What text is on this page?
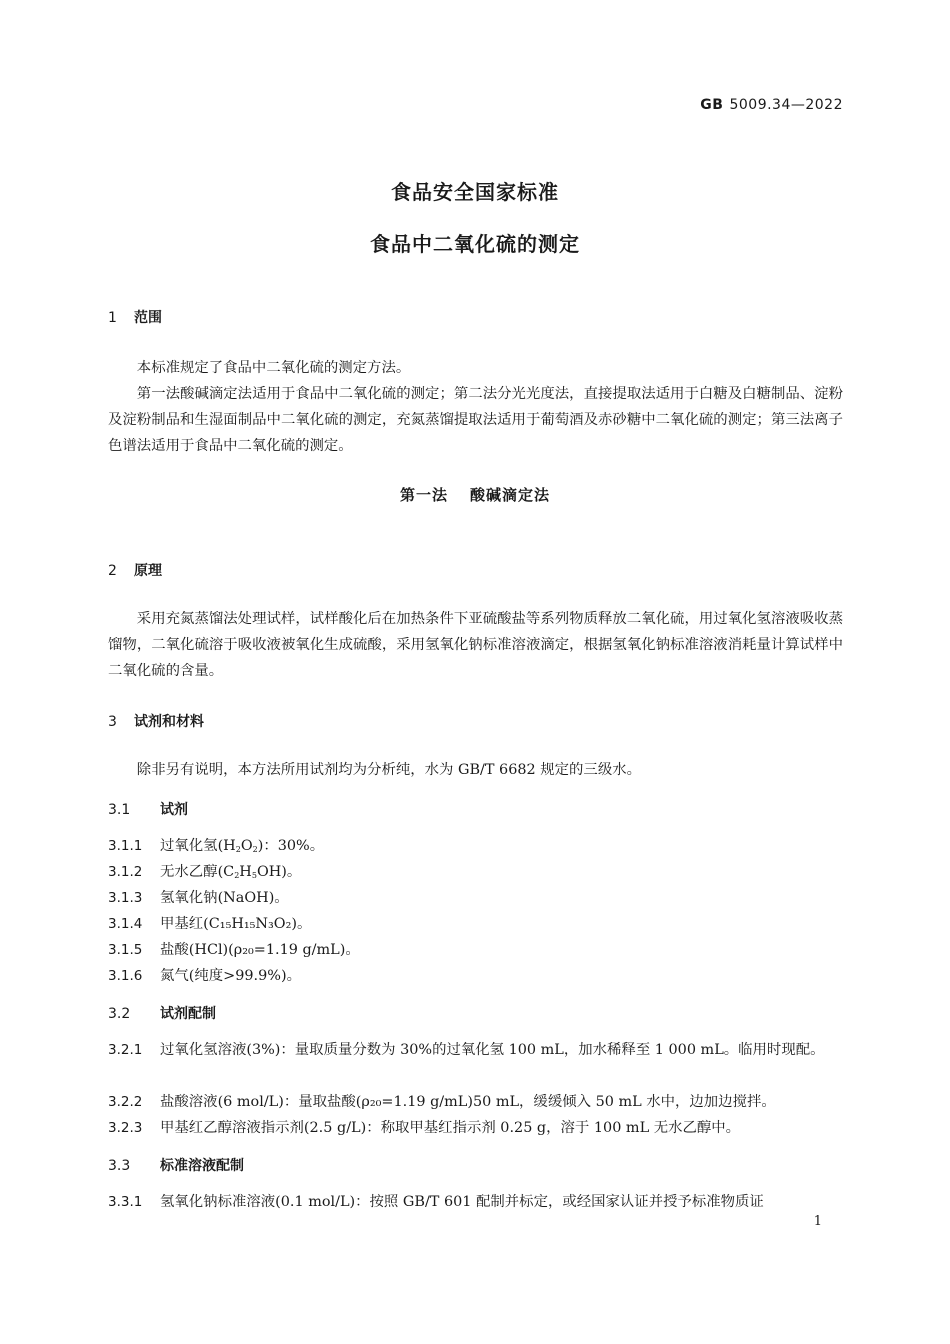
GB 5009.34—2022
食品安全国家标准
食品中二氧化硫的测定
1 范围
本标准规定了食品中二氧化硫的测定方法。
第一法酸碱滴定法适用于食品中二氧化硫的测定；第二法分光光度法，直接提取法适用于白糖及白糖制品、淀粉及淀粉制品和生湿面制品中二氧化硫的测定，充氮蒸馏提取法适用于葡萄酒及赤砂糖中二氧化硫的测定；第三法离子色谱法适用于食品中二氧化硫的测定。
第一法 酸碱滴定法
2 原理
采用充氮蒸馏法处理试样，试样酸化后在加热条件下亚硫酸盐等系列物质释放二氧化硫，用过氧化氢溶液吸收蒸馏物，二氧化硫溶于吸收液被氧化生成硫酸，采用氢氧化钠标准溶液滴定，根据氢氧化钠标准溶液消耗量计算试样中二氧化硫的含量。
3 试剂和材料
除非另有说明，本方法所用试剂均为分析纯，水为 GB/T 6682 规定的三级水。
3.1 试剂
3.1.1 过氧化氢$(H_2O_2)$：30%。
3.1.2 无水乙醇$(C_2H_5OH)$。
3.1.3 氢氧化钠(NaOH)。
3.1.4 甲基红(C₁₅H₁₅N₃O₂)。
3.1.5 盐酸(HCl)(ρ₂₀=1.19 g/mL)。
3.1.6 氮气(纯度>99.9%)。
3.2 试剂配制
3.2.1 过氧化氢溶液(3%)：量取质量分数为 30%的过氧化氢 100 mL，加水稀释至 1 000 mL。临用时现配。
3.2.2 盐酸溶液(6 mol/L)：量取盐酸(ρ₂₀=1.19 g/mL)50 mL，缓缓倾入 50 mL 水中，边加边搅拌。
3.2.3 甲基红乙醇溶液指示剂(2.5 g/L)：称取甲基红指示剂 0.25 g，溶于 100 mL 无水乙醇中。
3.3 标准溶液配制
3.3.1 氢氧化钠标准溶液(0.1 mol/L)：按照 GB/T 601 配制并标定，或经国家认证并授予标准物质证
1
